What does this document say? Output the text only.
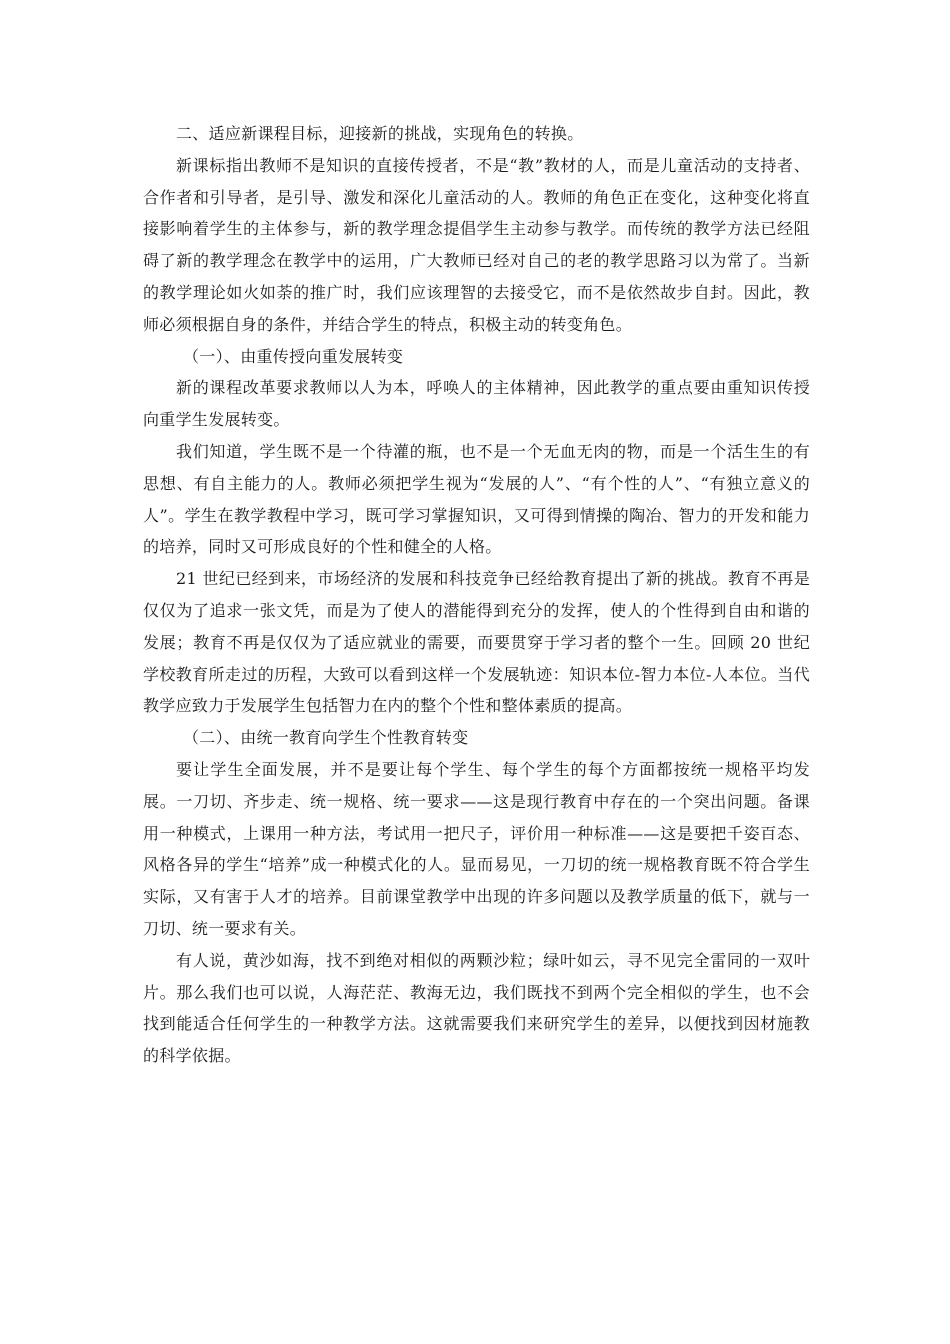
二、适应新课程目标，迎接新的挑战，实现角色的转换。

新课标指出教师不是知识的直接传授者，不是“教”教材的人，而是儿童活动的支持者、合作者和引导者，是引导、激发和深化儿童活动的人。教师的角色正在变化，这种变化将直接影响着学生的主体参与，新的教学理念提倡学生主动参与教学。而传统的教学方法已经阻碍了新的教学理念在教学中的运用，广大教师已经对自己的老的教学思路习以为常了。当新的教学理论如火如荼的推广时，我们应该理智的去接受它，而不是依然故步自封。因此，教师必须根据自身的条件，并结合学生的特点，积极主动的转变角色。

（一）、由重传授向重发展转变

新的课程改革要求教师以人为本，呼唤人的主体精神，因此教学的重点要由重知识传授向重学生发展转变。

我们知道，学生既不是一个待灌的瓶，也不是一个无血无肉的物，而是一个活生生的有思想、有自主能力的人。教师必须把学生视为“发展的人”、“有个性的人”、“有独立意义的人”。学生在教学教程中学习，既可学习掌握知识，又可得到情操的陶冶、智力的开发和能力的培养，同时又可形成良好的个性和健全的人格。

21 世纪已经到来，市场经济的发展和科技竞争已经给教育提出了新的挑战。教育不再是仅仅为了追求一张文凭，而是为了使人的潜能得到充分的发挥，使人的个性得到自由和谐的发展；教育不再是仅仅为了适应就业的需要，而要贯穿于学习者的整个一生。回顾 20 世纪学校教育所走过的历程，大致可以看到这样一个发展轨迹：知识本位-智力本位-人本位。当代教学应致力于发展学生包括智力在内的整个个性和整体素质的提高。

（二）、由统一教育向学生个性教育转变

要让学生全面发展，并不是要让每个学生、每个学生的每个方面都按统一规格平均发展。一刀切、齐步走、统一规格、统一要求——这是现行教育中存在的一个突出问题。备课用一种模式，上课用一种方法，考试用一把尺子，评价用一种标准——这是要把千姿百态、风格各异的学生“培养”成一种模式化的人。显而易见，一刀切的统一规格教育既不符合学生实际，又有害于人才的培养。目前课堂教学中出现的许多问题以及教学质量的低下，就与一刀切、统一要求有关。

有人说，黄沙如海，找不到绝对相似的两颗沙粒；绿叶如云，寻不见完全雷同的一双叶片。那么我们也可以说，人海茫茫、教海无边，我们既找不到两个完全相似的学生，也不会找到能适合任何学生的一种教学方法。这就需要我们来研究学生的差异，以便找到因材施教的科学依据。
